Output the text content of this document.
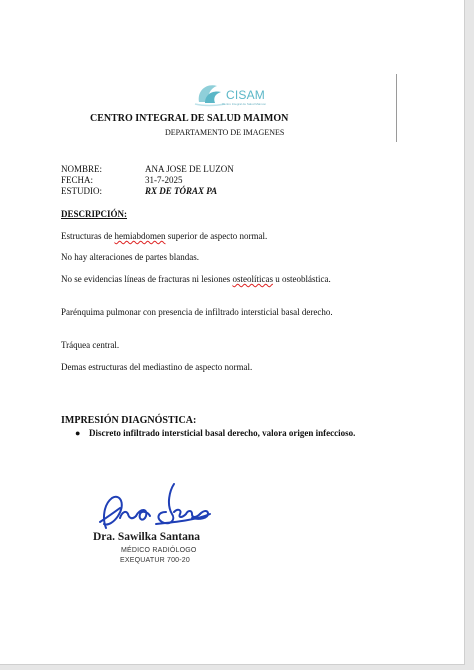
CISAM
Centro Integral de Salud Maimon
CENTRO INTEGRAL DE SALUD MAIMON
DEPARTAMENTO DE IMAGENES
NOMBRE:	ANA JOSE DE LUZON
FECHA:	31-7-2025
ESTUDIO:	RX DE TÓRAX PA
DESCRIPCIÓN:
Estructuras de hemiabdomen superior de aspecto normal.
No hay alteraciones de partes blandas.
No se evidencias líneas de fracturas ni lesiones osteolíticas u osteoblástica.
Parénquima pulmonar con presencia de infiltrado intersticial basal derecho.
Tráquea central.
Demas estructuras del mediastino de aspecto normal.
IMPRESIÓN DIAGNÓSTICA:
● Discreto infiltrado intersticial basal derecho, valora origen infeccioso.
Dra. Sawilka Santana
MÉDICO RADIÓLOGO
EXEQUATUR 700-20
